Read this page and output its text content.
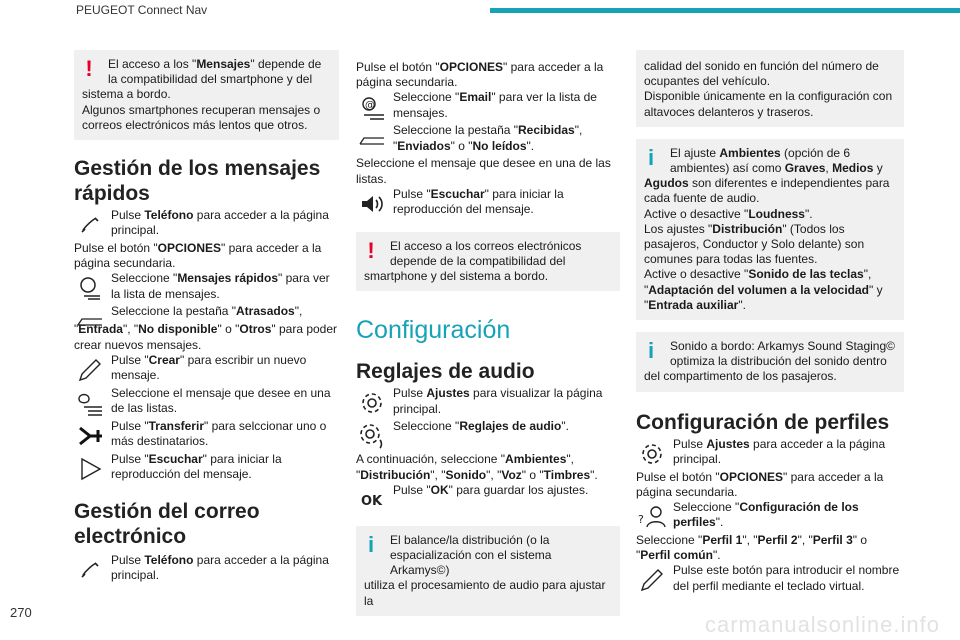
PEUGEOT Connect Nav
!	El acceso a los "Mensajes" depende de la compatibilidad del smartphone y del

sistema a bordo.

Algunos smartphones recuperan mensajes o correos electrónicos más lentos que otros.

Gestión de los mensajes rápidos
Pulse Teléfono para acceder a la página principal.

Pulse el botón "OPCIONES" para acceder a la página secundaria.

Seleccione "Mensajes rápidos" para ver la lista de mensajes.
Seleccione la pestaña "Atrasados",

"Entrada", "No disponible" o "Otros" para poder crear nuevos mensajes.

Pulse "Crear" para escribir un nuevo mensaje.
Seleccione el mensaje que desee en una de las listas.
Pulse "Transferir" para selccionar uno o más destinatarios.
Pulse "Escuchar" para iniciar la reproducción del mensaje.
Gestión del correo electrónico
Pulse Teléfono para acceder a la página principal.

Pulse el botón "OPCIONES" para acceder a la página secundaria.

@
Seleccione "Email" para ver la lista de mensajes.
Seleccione la pestaña "Recibidas",
"Enviados" o "No leídos".

Seleccione el mensaje que desee en una de las listas.

Pulse "Escuchar" para iniciar la reproducción del mensaje.
!	El acceso a los correos electrónicos depende de la compatibilidad del

smartphone y del sistema a bordo.

Configuración
Reglajes de audio
Pulse Ajustes para visualizar la página principal.
Seleccione "Reglajes de audio".

A continuación, seleccione "Ambientes", "Distribución", "Sonido", "Voz" o "Timbres".

OK
Pulse "OK" para guardar los ajustes.
i	El balance/la distribución (o la espacialización con el sistema Arkamys©)

utiliza el procesamiento de audio para ajustar la

calidad del sonido en función del número de ocupantes del vehículo.

Disponible únicamente en la configuración con altavoces delanteros y traseros.

i	El ajuste Ambientes (opción de 6 ambientes) así como Graves, Medios y

Agudos son diferentes e independientes para cada fuente de audio.

Active o desactive "Loudness".

Los ajustes "Distribución" (Todos los pasajeros, Conductor y Solo delante) son comunes para todas las fuentes.

Active o desactive "Sonido de las teclas",
"Adaptación del volumen a la velocidad" y "Entrada auxiliar".

i	Sonido a bordo: Arkamys Sound Staging© optimiza la distribución del sonido dentro

del compartimento de los pasajeros.

Configuración de perfiles
Pulse Ajustes para acceder a la página principal.

Pulse el botón "OPCIONES" para acceder a la página secundaria.

?
Seleccione "Configuración de los perfiles".

Seleccione "Perfil 1", "Perfil 2", "Perfil 3" o "Perfil común".

Pulse este botón para introducir el nombre del perfil mediante el teclado virtual.
270	carmanualsonline.info
